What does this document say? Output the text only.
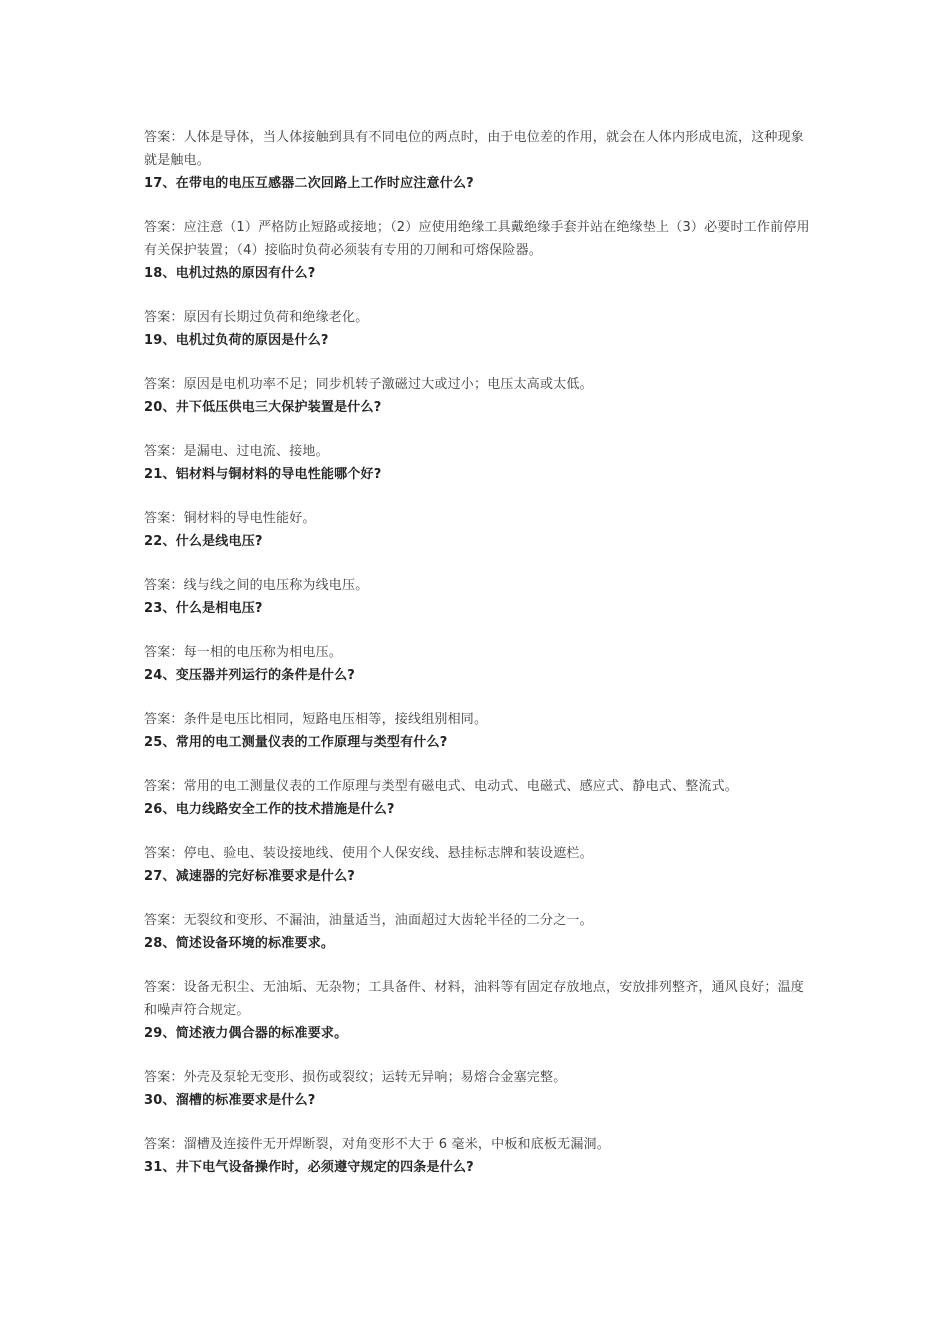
答案：人体是导体，当人体接触到具有不同电位的两点时，由于电位差的作用，就会在人体内形成电流，这种现象就是触电。

17、在带电的电压互感器二次回路上工作时应注意什么?

答案：应注意（1）严格防止短路或接地；（2）应使用绝缘工具戴绝缘手套并站在绝缘垫上（3）必要时工作前停用有关保护装置；（4）接临时负荷必须装有专用的刀闸和可熔保险器。

18、电机过热的原因有什么?

答案：原因有长期过负荷和绝缘老化。

19、电机过负荷的原因是什么?

答案：原因是电机功率不足；同步机转子激磁过大或过小；电压太高或太低。

20、井下低压供电三大保护装置是什么?

答案：是漏电、过电流、接地。

21、铝材料与铜材料的导电性能哪个好?

答案：铜材料的导电性能好。

22、什么是线电压?

答案：线与线之间的电压称为线电压。

23、什么是相电压?

答案：每一相的电压称为相电压。

24、变压器并列运行的条件是什么?

答案：条件是电压比相同，短路电压相等，接线组别相同。

25、常用的电工测量仪表的工作原理与类型有什么?

答案：常用的电工测量仪表的工作原理与类型有磁电式、电动式、电磁式、感应式、静电式、整流式。

26、电力线路安全工作的技术措施是什么?

答案：停电、验电、装设接地线、使用个人保安线、悬挂标志牌和装设遮栏。

27、减速器的完好标准要求是什么?

答案：无裂纹和变形、不漏油，油量适当，油面超过大齿轮半径的二分之一。

28、简述设备环境的标准要求。

答案：设备无积尘、无油垢、无杂物；工具备件、材料，油料等有固定存放地点，安放排列整齐，通风良好；温度和噪声符合规定。

29、简述液力偶合器的标准要求。

答案：外壳及泵轮无变形、损伤或裂纹；运转无异响；易熔合金塞完整。

30、溜槽的标准要求是什么?

答案：溜槽及连接件无开焊断裂，对角变形不大于 6 毫米，中板和底板无漏洞。

31、井下电气设备操作时，必须遵守规定的四条是什么?
